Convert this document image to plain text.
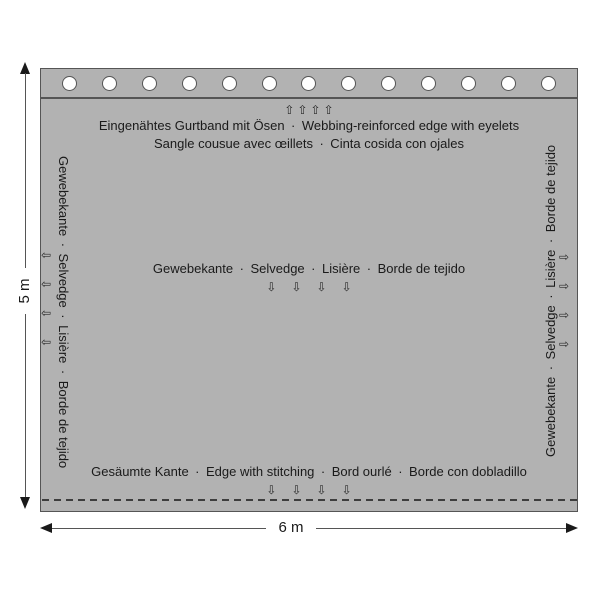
⇧ ⇧ ⇧ ⇧
Eingenähtes Gurtband mit Ösen · Webbing-reinforced edge with eyelets
Sangle cousue avec œillets · Cinta cosida con ojales
Gewebekante · Selvedge · Lisière · Borde de tejido
⇩ ⇩ ⇩ ⇩
Gesäumte Kante · Edge with stitching · Bord ourlé · Borde con dobladillo
⇩ ⇩ ⇩ ⇩
Gewebekante · Selvedge · Lisière · Borde de tejido
⇦
⇦
⇦
⇦	Gewebekante · Selvedge · Lisière · Borde de tejido ⇨
⇨
⇨
⇨
5 m
6 m
